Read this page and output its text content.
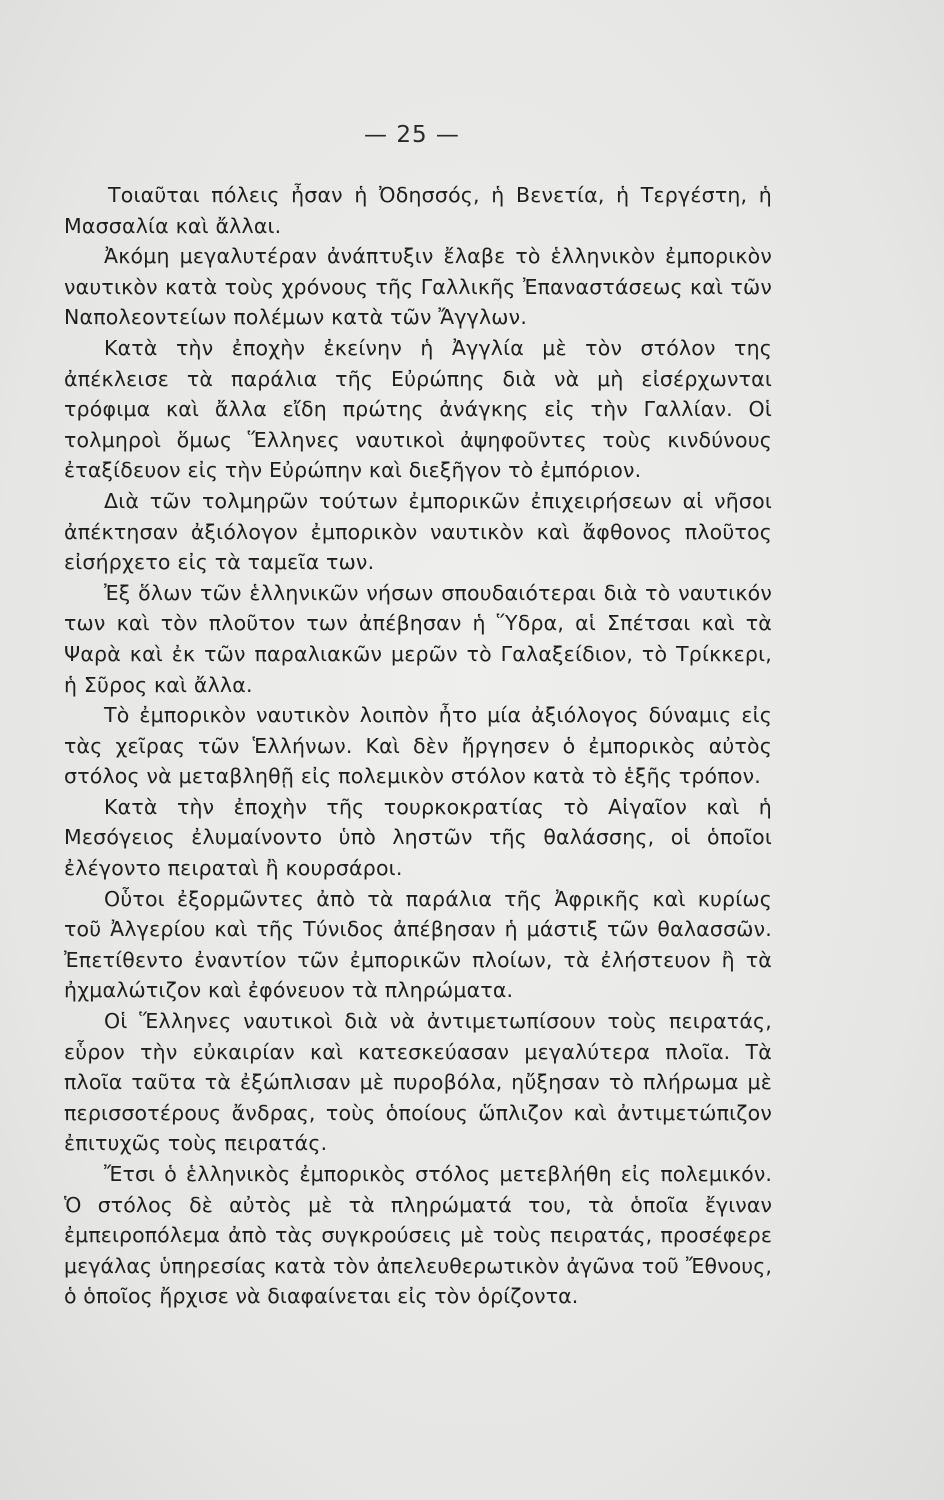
— 25 —

Τοιαῦται πόλεις ἦσαν ἡ Ὀδησσός, ἡ Βενετία, ἡ Τεργέστη, ἡ Μασσαλία καὶ ἄλλαι.

Ἀκόμη μεγαλυτέραν ἀνάπτυξιν ἔλαβε τὸ ἑλληνικὸν ἐμπορικὸν ναυτικὸν κατὰ τοὺς χρόνους τῆς Γαλλικῆς Ἐπαναστάσεως καὶ τῶν Ναπολεοντείων πολέμων κατὰ τῶν Ἄγγλων.

Κατὰ τὴν ἐποχὴν ἐκείνην ἡ Ἀγγλία μὲ τὸν στόλον της ἀπέκλεισε τὰ παράλια τῆς Εὐρώπης διὰ νὰ μὴ εἰσέρχωνται τρόφιμα καὶ ἄλλα εἴδη πρώτης ἀνάγκης εἰς τὴν Γαλλίαν. Οἱ τολμηροὶ ὅμως Ἕλληνες ναυτικοὶ ἀψηφοῦντες τοὺς κινδύνους ἐταξίδευον εἰς τὴν Εὐρώπην καὶ διεξῆγον τὸ ἐμπόριον.

Διὰ τῶν τολμηρῶν τούτων ἐμπορικῶν ἐπιχειρήσεων αἱ νῆσοι ἀπέκτησαν ἀξιόλογον ἐμπορικὸν ναυτικὸν καὶ ἄφθονος πλοῦτος εἰσήρχετο εἰς τὰ ταμεῖα των.

Ἐξ ὅλων τῶν ἑλληνικῶν νήσων σπουδαιότεραι διὰ τὸ ναυτικόν των καὶ τὸν πλοῦτον των ἀπέβησαν ἡ Ὕδρα, αἱ Σπέτσαι καὶ τὰ Ψαρὰ καὶ ἐκ τῶν παραλιακῶν μερῶν τὸ Γαλαξείδιον, τὸ Τρίκκερι, ἡ Σῦρος καὶ ἄλλα.

Τὸ ἐμπορικὸν ναυτικὸν λοιπὸν ἦτο μία ἀξιόλογος δύναμις εἰς τὰς χεῖρας τῶν Ἑλλήνων. Καὶ δὲν ἤργησεν ὁ ἐμπορικὸς αὐτὸς στόλος νὰ μεταβληθῇ εἰς πολεμικὸν στόλον κατὰ τὸ ἑξῆς τρόπον.

Κατὰ τὴν ἐποχὴν τῆς τουρκοκρατίας τὸ Αἰγαῖον καὶ ἡ Μεσόγειος ἐλυμαίνοντο ὑπὸ ληστῶν τῆς θαλάσσης, οἱ ὁποῖοι ἐλέγοντο πειραταὶ ἢ κουρσάροι.

Οὗτοι ἐξορμῶντες ἀπὸ τὰ παράλια τῆς Ἀφρικῆς καὶ κυρίως τοῦ Ἀλγερίου καὶ τῆς Τύνιδος ἀπέβησαν ἡ μάστιξ τῶν θαλασσῶν. Ἐπετίθεντο ἐναντίον τῶν ἐμπορικῶν πλοίων, τὰ ἐλήστευον ἢ τὰ ἠχμαλώτιζον καὶ ἐφόνευον τὰ πληρώματα.

Οἱ Ἕλληνες ναυτικοὶ διὰ νὰ ἀντιμετωπίσουν τοὺς πειρατάς, εὗρον τὴν εὐκαιρίαν καὶ κατεσκεύασαν μεγαλύτερα πλοῖα. Τὰ πλοῖα ταῦτα τὰ ἐξώπλισαν μὲ πυροβόλα, ηὔξησαν τὸ πλήρωμα μὲ περισσοτέρους ἄνδρας, τοὺς ὁποίους ὥπλιζον καὶ ἀντιμετώπιζον ἐπιτυχῶς τοὺς πειρατάς.

Ἔτσι ὁ ἑλληνικὸς ἐμπορικὸς στόλος μετεβλήθη εἰς πολεμικόν. Ὁ στόλος δὲ αὐτὸς μὲ τὰ πληρώματά του, τὰ ὁποῖα ἔγιναν ἐμπειροπόλεμα ἀπὸ τὰς συγκρούσεις μὲ τοὺς πειρατάς, προσέφερε μεγάλας ὑπηρεσίας κατὰ τὸν ἀπελευθερωτικὸν ἀγῶνα τοῦ Ἔθνους, ὁ ὁποῖος ἤρχισε νὰ διαφαίνεται εἰς τὸν ὁρίζοντα.
